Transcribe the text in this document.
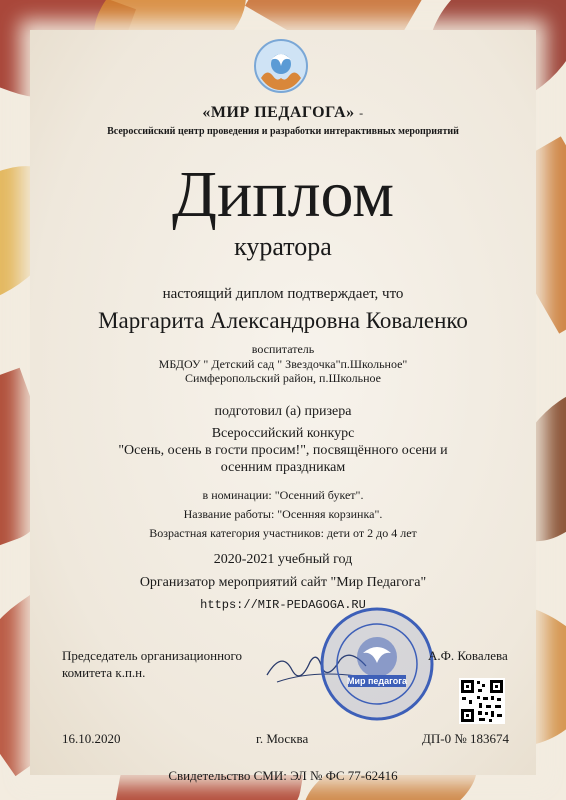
«МИР ПЕДАГОГА» -
Всероссийский центр проведения и разработки интерактивных мероприятий
Диплом
куратора
настоящий диплом подтверждает, что
Маргарита Александровна Коваленко
воспитатель
МБДОУ " Детский сад " Звездочка"п.Школьное"
Симферопольский район, п.Школьное
подготовил (а) призера
Всероссийский конкурс
"Осень, осень в гости просим!", посвящённого осени и
осенним праздникам
в номинации: "Осенний букет".
Название работы: "Осенняя корзинка".
Возрастная категория участников: дети от 2 до 4 лет
2020-2021 учебный год
Организатор мероприятий сайт "Мир Педагога"
https://MIR-PEDAGOGA.RU
Председатель организационного
комитета к.п.н.
Мир педагога
А.Ф. Ковалева
16.10.2020	г. Москва	ДП-0 № 183674
Свидетельство СМИ: ЭЛ № ФС 77-62416
